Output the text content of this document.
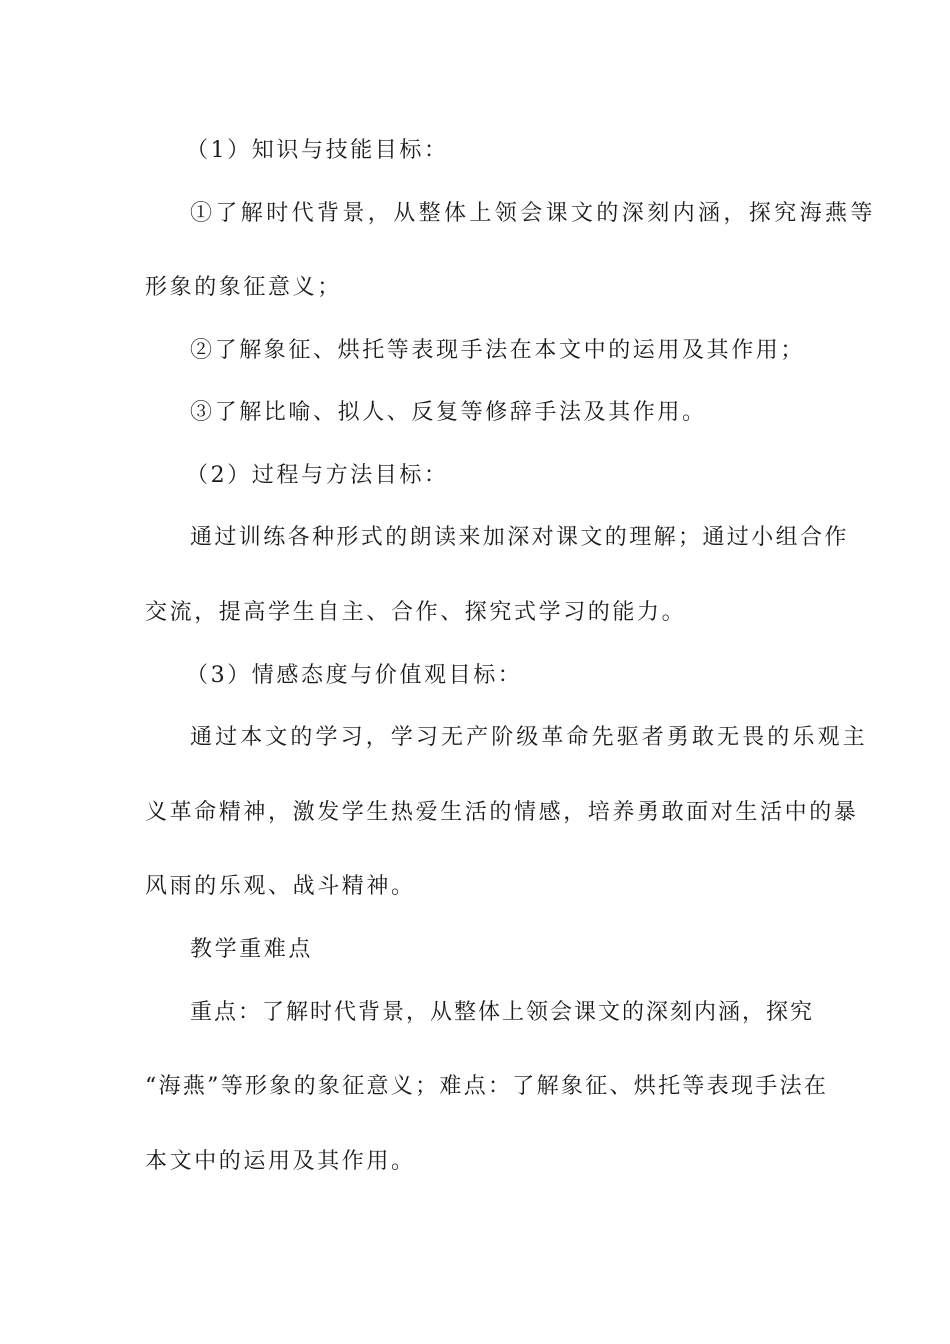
（1）知识与技能目标：
①了解时代背景，从整体上领会课文的深刻内涵，探究海燕等
形象的象征意义；
②了解象征、烘托等表现手法在本文中的运用及其作用；
③了解比喻、拟人、反复等修辞手法及其作用。
（2）过程与方法目标：
通过训练各种形式的朗读来加深对课文的理解；通过小组合作
交流，提高学生自主、合作、探究式学习的能力。
（3）情感态度与价值观目标：
通过本文的学习，学习无产阶级革命先驱者勇敢无畏的乐观主
义革命精神，激发学生热爱生活的情感，培养勇敢面对生活中的暴
风雨的乐观、战斗精神。
教学重难点
重点：了解时代背景，从整体上领会课文的深刻内涵，探究
“海燕”等形象的象征意义；难点：了解象征、烘托等表现手法在
本文中的运用及其作用。
